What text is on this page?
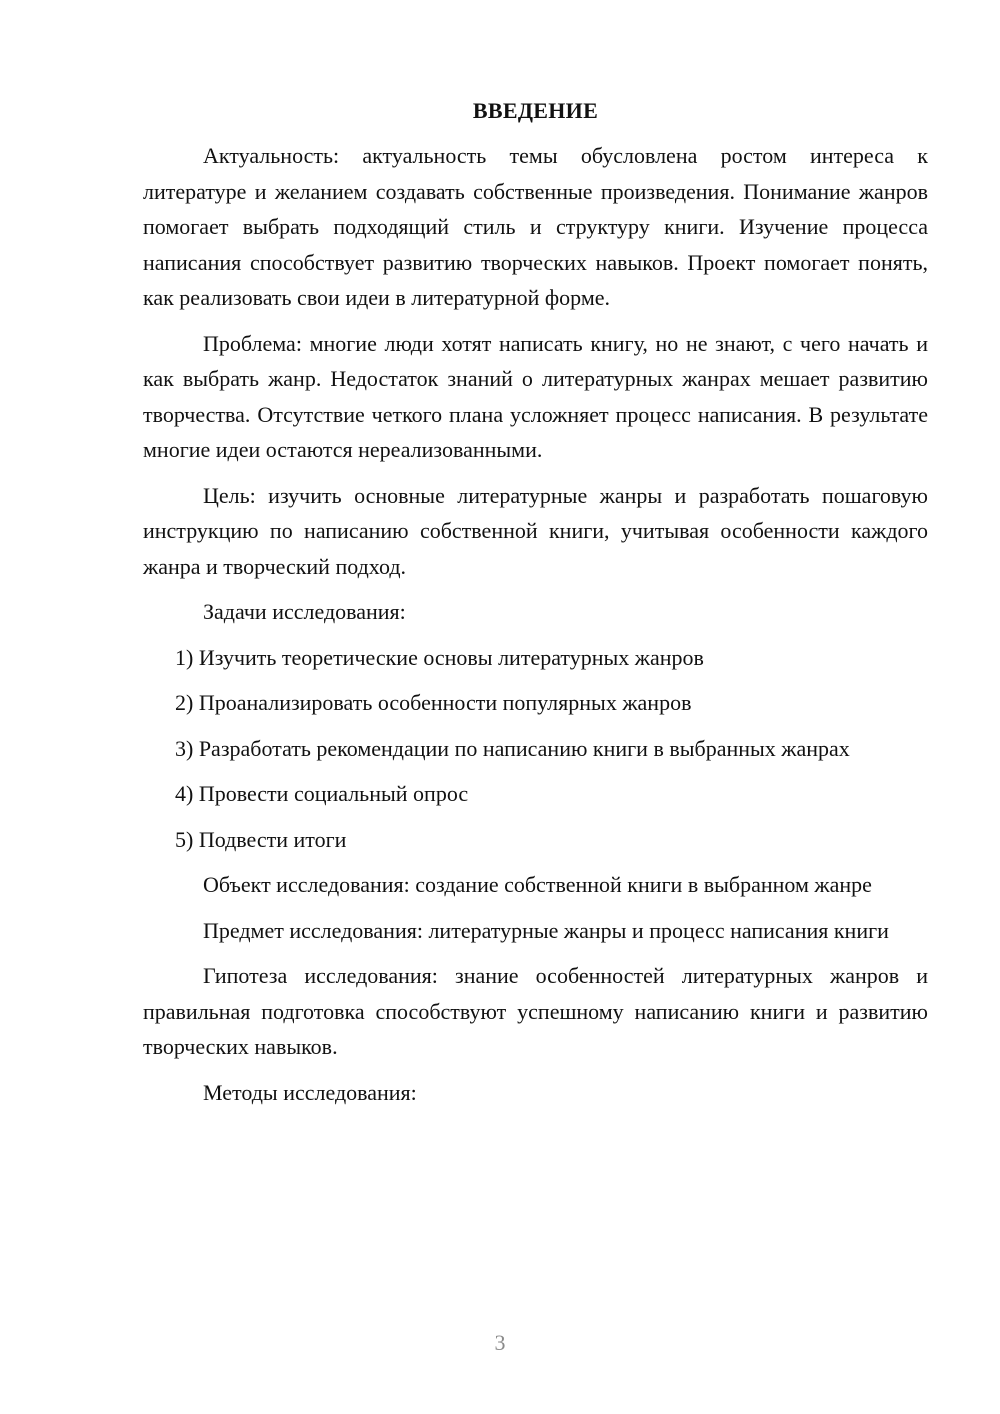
ВВЕДЕНИЕ

Актуальность: актуальность темы обусловлена ростом интереса к литературе и желанием создавать собственные произведения. Понимание жанров помогает выбрать подходящий стиль и структуру книги. Изучение процесса написания способствует развитию творческих навыков. Проект помогает понять, как реализовать свои идеи в литературной форме.

Проблема: многие люди хотят написать книгу, но не знают, с чего начать и как выбрать жанр. Недостаток знаний о литературных жанрах мешает развитию творчества. Отсутствие четкого плана усложняет процесс написания. В результате многие идеи остаются нереализованными.

Цель: изучить основные литературные жанры и разработать пошаговую инструкцию по написанию собственной книги, учитывая особенности каждого жанра и творческий подход.

Задачи исследования:

1) Изучить теоретические основы литературных жанров

2) Проанализировать особенности популярных жанров

3) Разработать рекомендации по написанию книги в выбранных жанрах

4) Провести социальный опрос

5) Подвести итоги

Объект исследования: создание собственной книги в выбранном жанре

Предмет исследования: литературные жанры и процесс написания книги

Гипотеза исследования: знание особенностей литературных жанров и правильная подготовка способствуют успешному написанию книги и развитию творческих навыков.

Методы исследования:

3
